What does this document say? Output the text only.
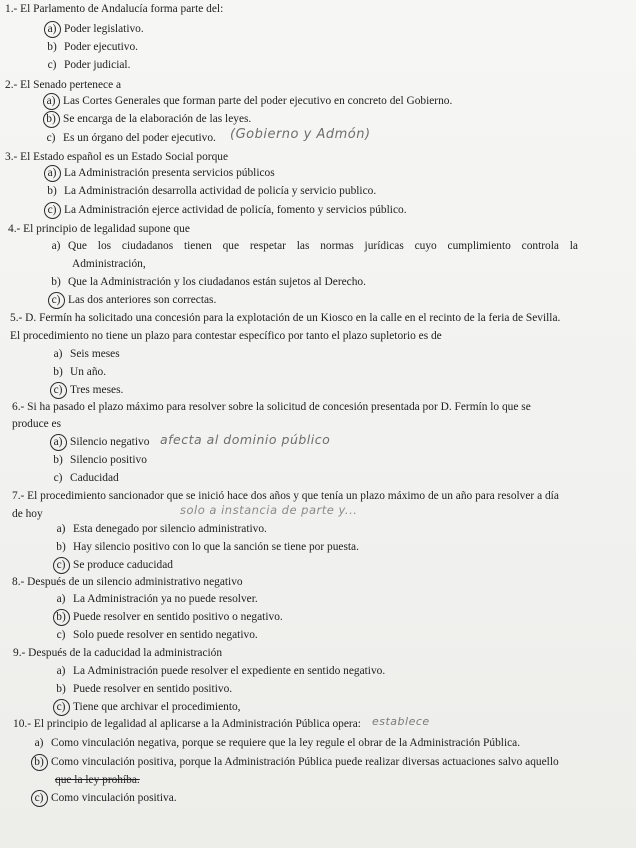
1.- El Parlamento de Andalucía forma parte del:
a) Poder legislativo.
b) Poder ejecutivo.
c) Poder judicial.
2.- El Senado pertenece a
a) Las Cortes Generales que forman parte del poder ejecutivo en concreto del Gobierno.
b) Se encarga de la elaboración de las leyes.
c) Es un órgano del poder ejecutivo. (Gobierno y Admón)
3.- El Estado español es un Estado Social porque
a) La Administración presenta servicios públicos
b) La Administración desarrolla actividad de policía y servicio publico.
c) La Administración ejerce actividad de policía, fomento y servicios público.
4.- El principio de legalidad supone que
a) Que los ciudadanos tienen que respetar las normas jurídicas cuyo cumplimiento controla la
Administración,
b) Que la Administración y los ciudadanos están sujetos al Derecho.
c) Las dos anteriores son correctas.
5.- D. Fermín ha solicitado una concesión para la explotación de un Kiosco en la calle en el recinto de la feria de Sevilla.
El procedimiento no tiene un plazo para contestar específico por tanto el plazo supletorio es de
a) Seis meses
b) Un año.
c) Tres meses.
6.- Si ha pasado el plazo máximo para resolver sobre la solicitud de concesión presentada por D. Fermín lo que se
produce es
a) Silencio negativo afecta al dominio público
b) Silencio positivo
c) Caducidad
7.- El procedimiento sancionador que se inició hace dos años y que tenía un plazo máximo de un año para resolver a día
de hoy	solo a instancia de parte y...
a) Esta denegado por silencio administrativo.
b) Hay silencio positivo con lo que la sanción se tiene por puesta.
c) Se produce caducidad
8.- Después de un silencio administrativo negativo
a) La Administración ya no puede resolver.
b) Puede resolver en sentido positivo o negativo.
c) Solo puede resolver en sentido negativo.
9.- Después de la caducidad la administración
a) La Administración puede resolver el expediente en sentido negativo.
b) Puede resolver en sentido positivo.
c) Tiene que archivar el procedimiento,
10.- El principio de legalidad al aplicarse a la Administración Pública opera: establece
a) Como vinculación negativa, porque se requiere que la ley regule el obrar de la Administración Pública.
b) Como vinculación positiva, porque la Administración Pública puede realizar diversas actuaciones salvo aquello
que la ley prohíba.
c) Como vinculación positiva.
